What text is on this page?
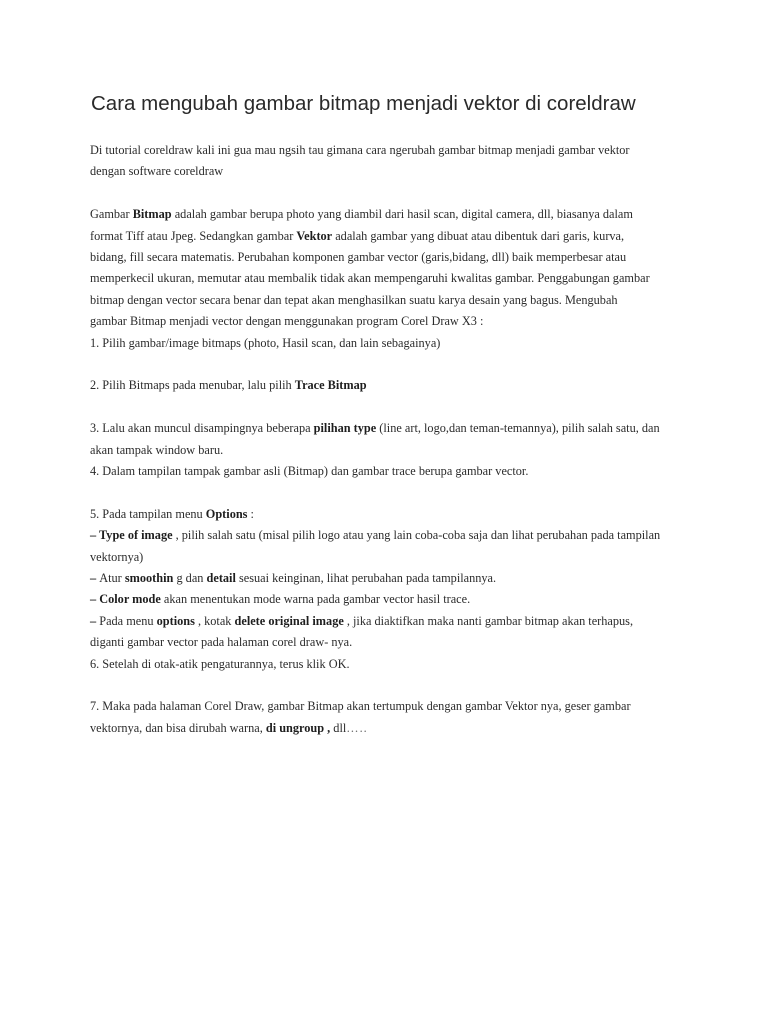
Cara mengubah gambar bitmap menjadi vektor di coreldraw

Di tutorial coreldraw kali ini gua mau ngsih tau gimana cara ngerubah gambar bitmap menjadi gambar vektor
dengan software coreldraw

Gambar Bitmap adalah gambar berupa photo yang diambil dari hasil scan, digital camera, dll, biasanya dalam
format Tiff atau Jpeg. Sedangkan gambar Vektor adalah gambar yang dibuat atau dibentuk dari garis, kurva,
bidang, fill secara matematis. Perubahan komponen gambar vector (garis,bidang, dll) baik memperbesar atau
memperkecil ukuran, memutar atau membalik tidak akan mempengaruhi kwalitas gambar. Penggabungan gambar
bitmap dengan vector secara benar dan tepat akan menghasilkan suatu karya desain yang bagus. Mengubah
gambar Bitmap menjadi vector dengan menggunakan program Corel Draw X3 :
1. Pilih gambar/image bitmaps (photo, Hasil scan, dan lain sebagainya)

2. Pilih Bitmaps pada menubar, lalu pilih Trace Bitmap

3. Lalu akan muncul disampingnya beberapa pilihan type (line art, logo,dan teman-temannya), pilih salah satu, dan
akan tampak window baru.
4. Dalam tampilan tampak gambar asli (Bitmap) dan gambar trace berupa gambar vector.

5. Pada tampilan menu Options :
– Type of image , pilih salah satu (misal pilih logo atau yang lain coba-coba saja dan lihat perubahan pada tampilan
vektornya)
– Atur smoothin g dan detail sesuai keinginan, lihat perubahan pada tampilannya.
– Color mode akan menentukan mode warna pada gambar vector hasil trace.
– Pada menu options , kotak delete original image , jika diaktifkan maka nanti gambar bitmap akan terhapus,
diganti gambar vector pada halaman corel draw- nya.
6. Setelah di otak-atik pengaturannya, terus klik OK.

7. Maka pada halaman Corel Draw, gambar Bitmap akan tertumpuk dengan gambar Vektor nya, geser gambar
vektornya, dan bisa dirubah warna, di ungroup , dll…..
